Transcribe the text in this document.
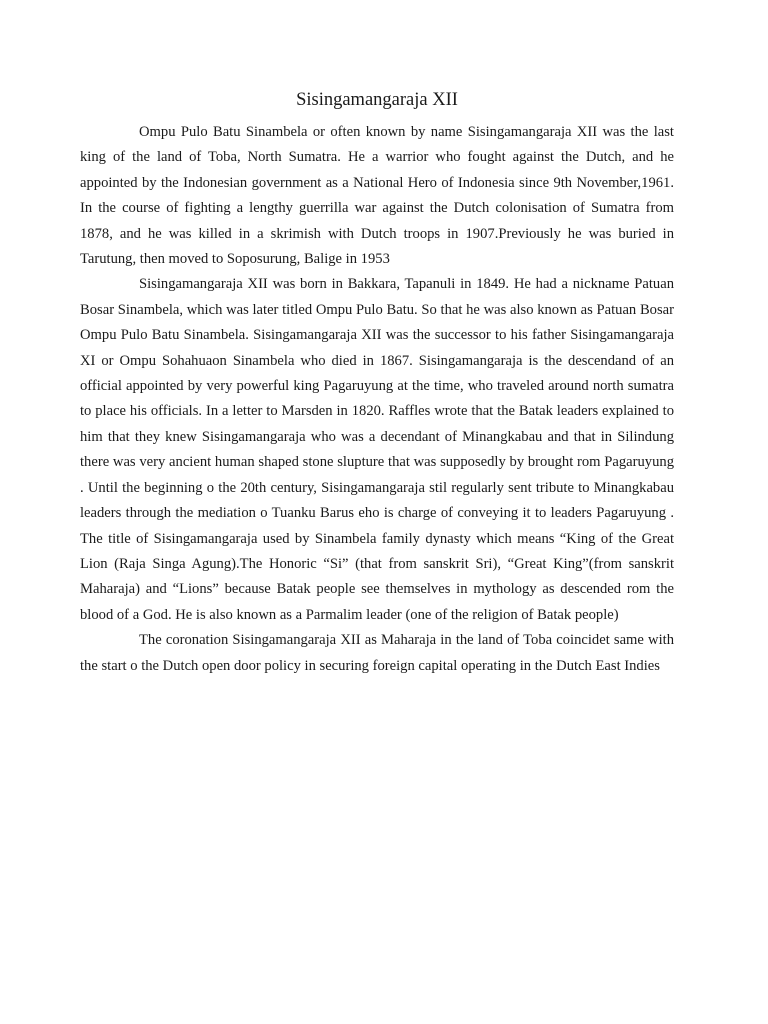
Sisingamangaraja XII

Ompu Pulo Batu Sinambela or often known by name Sisingamangaraja XII was the last king of the land of Toba, North Sumatra. He a warrior who fought against the Dutch, and he appointed by the Indonesian government as a National Hero of Indonesia since 9th November,1961. In the course of fighting a lengthy guerrilla war against the Dutch colonisation of Sumatra from 1878, and he was killed in a skrimish with Dutch troops in 1907.Previously he was buried in Tarutung, then moved to Soposurung, Balige in 1953

Sisingamangaraja XII was born in Bakkara, Tapanuli in 1849. He had a nickname Patuan Bosar Sinambela, which was later titled Ompu Pulo Batu. So that he was also known as Patuan Bosar Ompu Pulo Batu Sinambela. Sisingamangaraja XII was the successor to his father Sisingamangaraja XI or Ompu Sohahuaon Sinambela who died in 1867. Sisingamangaraja is the descendand of an official appointed by very powerful king Pagaruyung at the time, who traveled around north sumatra to place his officials. In a letter to Marsden in 1820. Raffles wrote that the Batak leaders explained to him that they knew Sisingamangaraja who was a decendant of Minangkabau and that in Silindung there was very ancient human shaped stone slupture that was supposedly by brought rom Pagaruyung . Until the beginning o the 20th century, Sisingamangaraja stil regularly sent tribute to Minangkabau leaders through the mediation o Tuanku Barus eho is charge of conveying it to leaders Pagaruyung . The title of Sisingamangaraja used by Sinambela family dynasty which means “King of the Great Lion (Raja Singa Agung).The Honoric “Si” (that from sanskrit Sri), “Great King”(from sanskrit Maharaja) and “Lions” because Batak people see themselves in mythology as descended rom the blood of a God. He is also known as a Parmalim leader (one of the religion of Batak people)

The coronation Sisingamangaraja XII as Maharaja in the land of Toba coincidet same with the start o the Dutch open door policy in securing foreign capital operating in the Dutch East Indies
